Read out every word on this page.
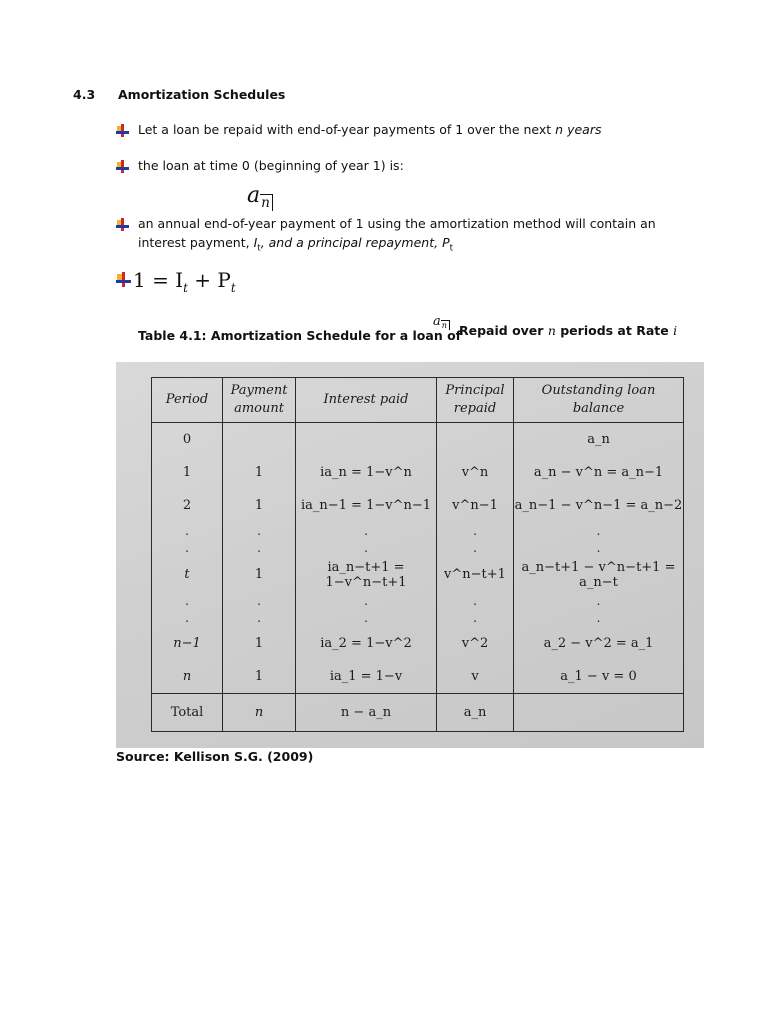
4.3 Amortization Schedules
Let a loan be repaid with end-of-year payments of 1 over the next n years
the loan at time 0 (beginning of year 1) is:
$a_n$
an annual end-of-year payment of 1 using the amortization method will contain an
interest payment, $I_t$, and a principal repayment, $P_t$
$1 = I_t + P_t$
Table 4.1: Amortization Schedule for a loan of
$a_n$ Repaid over n periods at Rate i
Period	Payment amount	Interest paid	Principal repaid	Outstanding loan balance
0				a_n
1	1	ia_n = 1−v^n	v^n	a_n − v^n = a_n−1
2	1	ia_n−1 = 1−v^n−1	v^n−1	a_n−1 − v^n−1 = a_n−2
.	.	.	.	.
.	.	.	.	.
t	1	ia_n−t+1 = 1−v^n−t+1	v^n−t+1	a_n−t+1 − v^n−t+1 = a_n−t
.	.	.	.	.
.	.	.	.	.
n−1	1	ia_2 = 1−v^2	v^2	a_2 − v^2 = a_1
n	1	ia_1 = 1−v	v	a_1 − v = 0
Total	n	n − a_n	a_n	
Source: Kellison S.G. (2009)
